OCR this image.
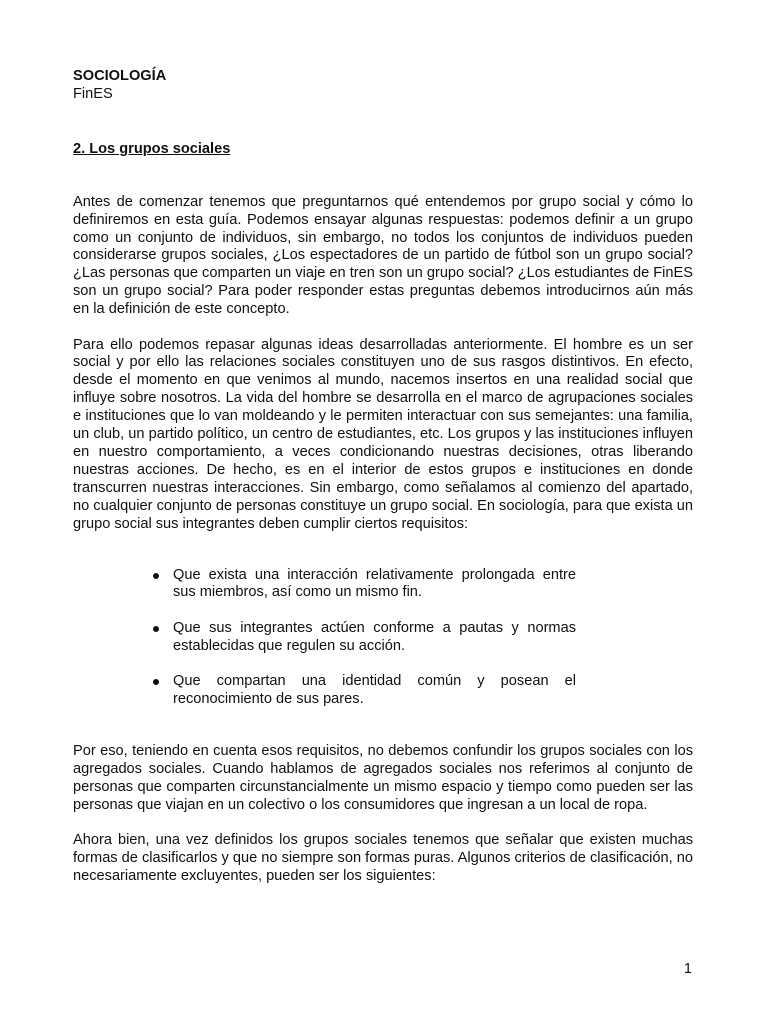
SOCIOLOGÍA

FinES

2. Los grupos sociales

Antes de comenzar tenemos que preguntarnos qué entendemos por grupo social y cómo lo definiremos en esta guía. Podemos ensayar algunas respuestas: podemos definir a un grupo como un conjunto de individuos, sin embargo, no todos los conjuntos de individuos pueden considerarse grupos sociales, ¿Los espectadores de un partido de fútbol son un grupo social? ¿Las personas que comparten un viaje en tren son un grupo social? ¿Los estudiantes de FinES son un grupo social? Para poder responder estas preguntas debemos introducirnos aún más en la definición de este concepto.

Para ello podemos repasar algunas ideas desarrolladas anteriormente. El hombre es un ser social y por ello las relaciones sociales constituyen uno de sus rasgos distintivos. En efecto, desde el momento en que venimos al mundo, nacemos insertos en una realidad social que influye sobre nosotros. La vida del hombre se desarrolla en el marco de agrupaciones sociales e instituciones que lo van moldeando y le permiten interactuar con sus semejantes: una familia, un club, un partido político, un centro de estudiantes, etc. Los grupos y las instituciones influyen en nuestro comportamiento, a veces condicionando nuestras decisiones, otras liberando nuestras acciones. De hecho, es en el interior de estos grupos e instituciones en donde transcurren nuestras interacciones. Sin embargo, como señalamos al comienzo del apartado, no cualquier conjunto de personas constituye un grupo social. En sociología, para que exista un grupo social sus integrantes deben cumplir ciertos requisitos:

Que exista una interacción relativamente prolongada entre sus miembros, así como un mismo fin.
Que sus integrantes actúen conforme a pautas y normas establecidas que regulen su acción.
Que compartan una identidad común y posean el reconocimiento de sus pares.

Por eso, teniendo en cuenta esos requisitos, no debemos confundir los grupos sociales con los agregados sociales. Cuando hablamos de agregados sociales nos referimos al conjunto de personas que comparten circunstancialmente un mismo espacio y tiempo como pueden ser las personas que viajan en un colectivo o los consumidores que ingresan a un local de ropa.

Ahora bien, una vez definidos los grupos sociales tenemos que señalar que existen muchas formas de clasificarlos y que no siempre son formas puras. Algunos criterios de clasificación, no necesariamente excluyentes, pueden ser los siguientes:

1
